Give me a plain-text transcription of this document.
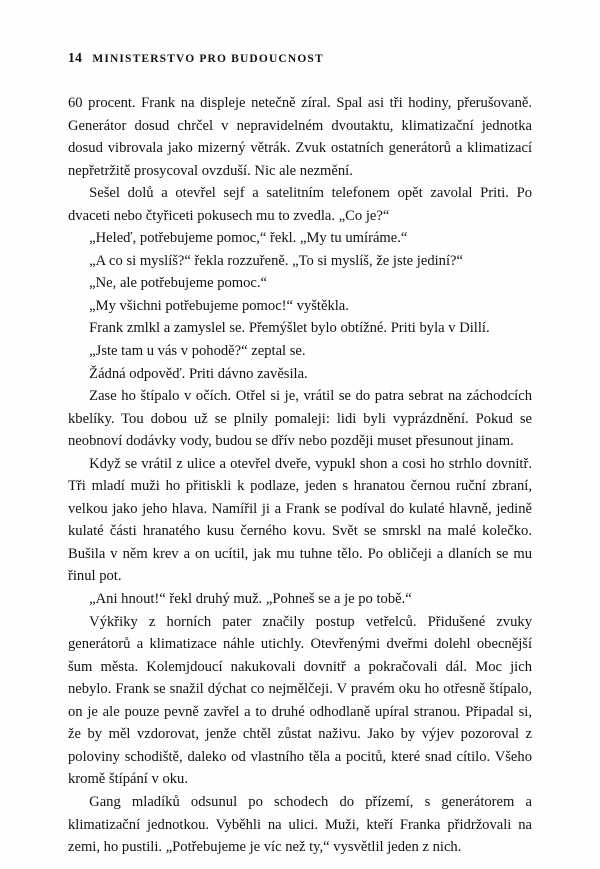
14 MINISTERSTVO PRO BUDOUCNOST

60 procent. Frank na displeje netečně zíral. Spal asi tři hodiny, přerušovaně. Generátor dosud chrčel v nepravidelném dvoutaktu, klimatizační jednotka dosud vibrovala jako mizerný větrák. Zvuk ostatních generátorů a klimatizací nepřetržitě prosycoval ovzduší. Nic ale nezmění.

Sešel dolů a otevřel sejf a satelitním telefonem opět zavolal Priti. Po dvaceti nebo čtyřiceti pokusech mu to zvedla. „Co je?“

„Heleď, potřebujeme pomoc,“ řekl. „My tu umíráme.“

„A co si myslíš?“ řekla rozzuřeně. „To si myslíš, že jste jediní?“

„Ne, ale potřebujeme pomoc.“

„My všichni potřebujeme pomoc!“ vyštěkla.

Frank zmlkl a zamyslel se. Přemýšlet bylo obtížné. Priti byla v Dillí.

„Jste tam u vás v pohodě?“ zeptal se.

Žádná odpověď. Priti dávno zavěsila.

Zase ho štípalo v očích. Otřel si je, vrátil se do patra sebrat na záchodcích kbelíky. Tou dobou už se plnily pomaleji: lidi byli vyprázdnění. Pokud se neobnoví dodávky vody, budou se dřív nebo později muset přesunout jinam.

Když se vrátil z ulice a otevřel dveře, vypukl shon a cosi ho strhlo dovnitř. Tři mladí muži ho přitiskli k podlaze, jeden s hranatou černou ruční zbraní, velkou jako jeho hlava. Namířil ji a Frank se podíval do kulaté hlavně, jedině kulaté části hranatého kusu černého kovu. Svět se smrskl na malé kolečko. Bušila v něm krev a on ucítil, jak mu tuhne tělo. Po obličeji a dlaních se mu řinul pot.

„Ani hnout!“ řekl druhý muž. „Pohneš se a je po tobě.“

Výkřiky z horních pater značily postup vetřelců. Přidušené zvuky generátorů a klimatizace náhle utichly. Otevřenými dveřmi dolehl obecnější šum města. Kolemjdoucí nakukovali dovnitř a pokračovali dál. Moc jich nebylo. Frank se snažil dýchat co nejmělčeji. V pravém oku ho otřesně štípalo, on je ale pouze pevně zavřel a to druhé odhodlaně upíral stranou. Připadal si, že by měl vzdorovat, jenže chtěl zůstat naživu. Jako by výjev pozoroval z poloviny schodiště, daleko od vlastního těla a pocitů, které snad cítilo. Všeho kromě štípání v oku.

Gang mladíků odsunul po schodech do přízemí, s generátorem a klimatizační jednotkou. Vyběhli na ulici. Muži, kteří Franka přidržovali na zemi, ho pustili. „Potřebujeme je víc než ty,“ vysvětlil jeden z nich.
